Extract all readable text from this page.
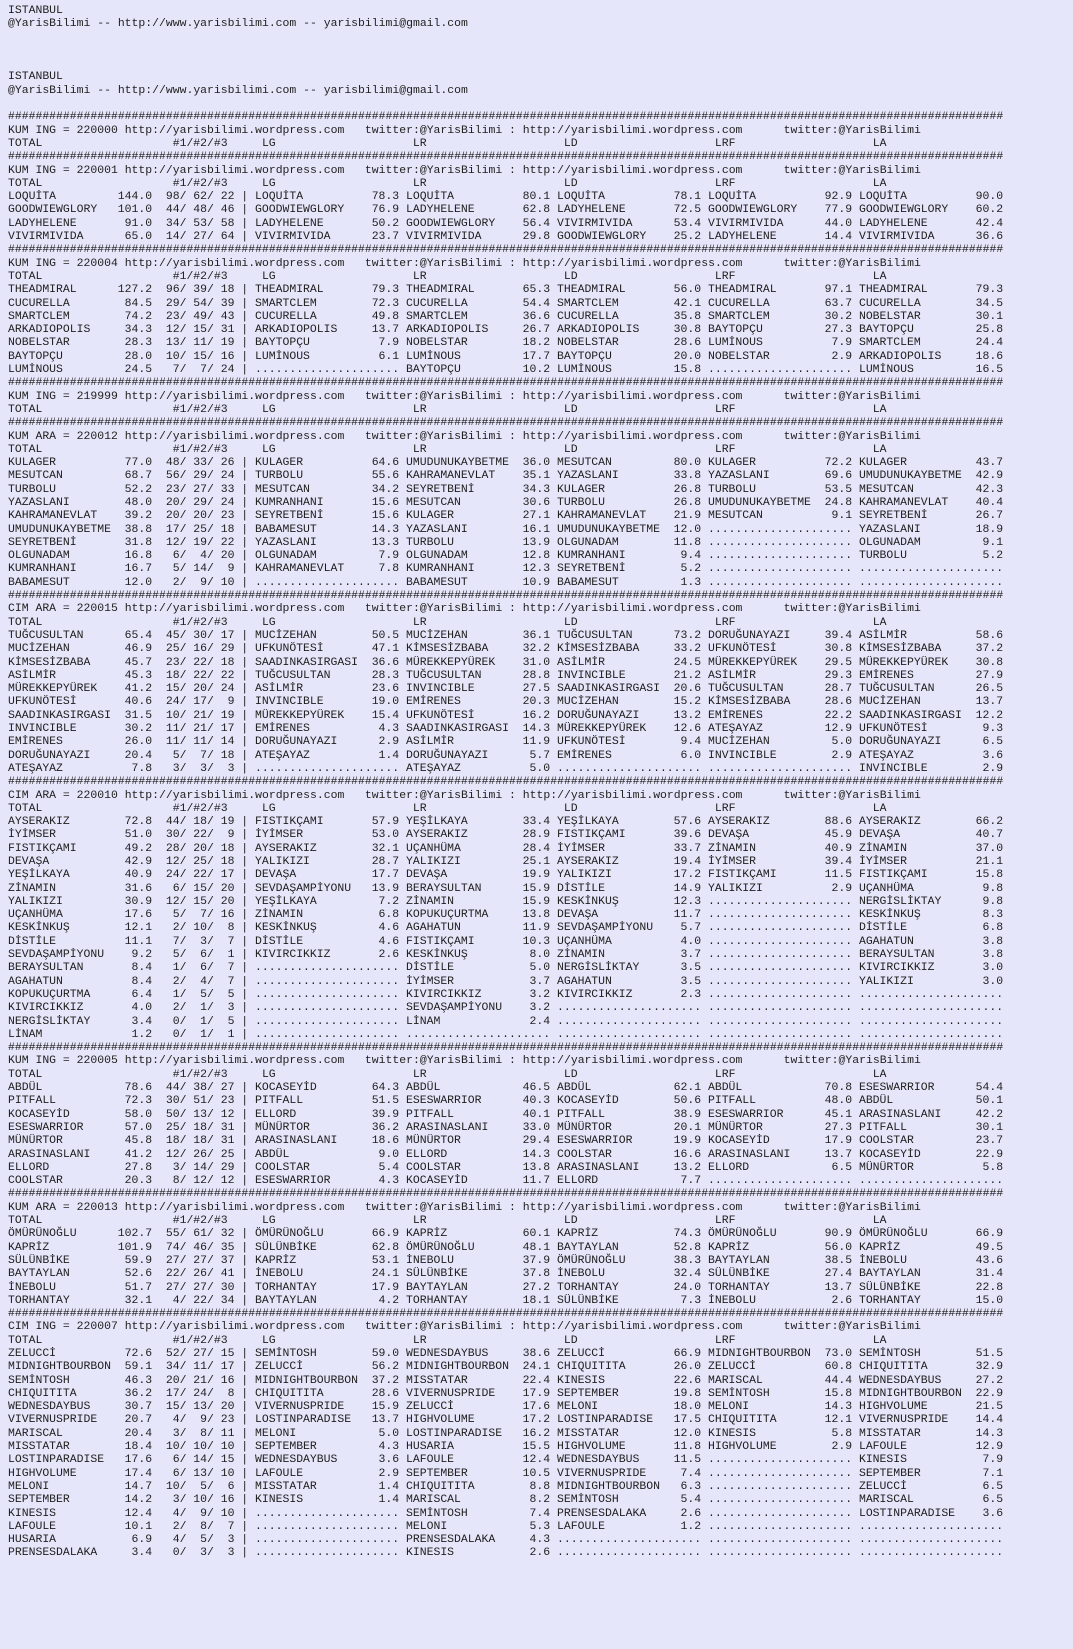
ISTANBUL
@YarisBilimi -- http://www.yarisbilimi.com -- yarisbilimi@gmail.com
ISTANBUL
@YarisBilimi -- http://www.yarisbilimi.com -- yarisbilimi@gmail.com
#################################################################################################################################################
KUM ING = 220000 http://yarisbilimi.wordpress.com   twitter:@YarisBilimi : http://yarisbilimi.wordpress.com      twitter:@YarisBilimi
TOTAL	#1/#2/#3	LG	LR	LD	LRF	LA
#################################################################################################################################################
KUM ING = 220001 http://yarisbilimi.wordpress.com   twitter:@YarisBilimi : http://yarisbilimi.wordpress.com      twitter:@YarisBilimi
TOTAL	#1/#2/#3	LG	LR	LD	LRF	LA
LOQUİTA	144.0 98/ 62/ 22 | LOQUİTA	78.3 LOQUİTA	80.1 LOQUİTA	78.1 LOQUİTA	92.9 LOQUİTA	90.0
GOODWIEWGLORY 101.0 44/ 48/ 46 | GOODWIEWGLORY 76.9 LADYHELENE	62.8 LADYHELENE	72.5 GOODWIEWGLORY 77.9 GOODWIEWGLORY 60.2
LADYHELENE	91.0 34/ 53/ 58 | LADYHELENE	50.2 GOODWIEWGLORY 56.4 VIVIRMIVIDA	53.4 VIVIRMIVIDA	44.0 LADYHELENE	42.4
VIVIRMIVIDA	65.0 14/ 27/ 64 | VIVIRMIVIDA	23.7 VIVIRMIVIDA	29.8 GOODWIEWGLORY 25.2 LADYHELENE	14.4 VIVIRMIVIDA	36.6
#################################################################################################################################################
KUM ING = 220004 http://yarisbilimi.wordpress.com   twitter:@YarisBilimi : http://yarisbilimi.wordpress.com      twitter:@YarisBilimi
TOTAL	#1/#2/#3	LG	LR	LD	LRF	LA
THEADMIRAL	127.2 96/ 39/ 18 | THEADMIRAL	79.3 THEADMIRAL	65.3 THEADMIRAL	56.0 THEADMIRAL	97.1 THEADMIRAL	79.3
CUCURELLA	84.5 29/ 54/ 39 | SMARTCLEM	72.3 CUCURELLA	54.4 SMARTCLEM	42.1 CUCURELLA	63.7 CUCURELLA	34.5
SMARTCLEM	74.2 23/ 49/ 43 | CUCURELLA	49.8 SMARTCLEM	36.6 CUCURELLA	35.8 SMARTCLEM	30.2 NOBELSTAR	30.1
ARKADIOPOLIS	34.3 12/ 15/ 31 | ARKADIOPOLIS	13.7 ARKADIOPOLIS	26.7 ARKADIOPOLIS	30.8 BAYTOPÇU	27.3 BAYTOPÇU	25.8
NOBELSTAR	28.3 13/ 11/ 19 | BAYTOPÇU	7.9 NOBELSTAR	18.2 NOBELSTAR	28.6 LUMİNOUS	7.9 SMARTCLEM	24.4
BAYTOPÇU	28.0 10/ 15/ 16 | LUMİNOUS	6.1 LUMİNOUS	17.7 BAYTOPÇU	20.0 NOBELSTAR	2.9 ARKADIOPOLIS	18.6
LUMİNOUS	24.5 7/ 7/ 24 | ..................... BAYTOPÇU	10.2 LUMİNOUS	15.8 ..................... LUMİNOUS	16.5
#################################################################################################################################################
KUM ING = 219999 http://yarisbilimi.wordpress.com   twitter:@YarisBilimi : http://yarisbilimi.wordpress.com      twitter:@YarisBilimi
TOTAL	#1/#2/#3	LG	LR	LD	LRF	LA
#################################################################################################################################################
KUM ARA = 220012 http://yarisbilimi.wordpress.com   twitter:@YarisBilimi : http://yarisbilimi.wordpress.com      twitter:@YarisBilimi
TOTAL	#1/#2/#3	LG	LR	LD	LRF	LA
KULAGER	77.0 48/ 33/ 26 | KULAGER	64.6 UMUDUNUKAYBETME 36.0 MESUTCAN	80.0 KULAGER	72.2 KULAGER	43.7
MESUTCAN	68.7 56/ 29/ 24 | TURBOLU	55.6 KAHRAMANEVLAT 35.1 YAZASLANI	33.8 YAZASLANI	69.6 UMUDUNUKAYBETME 42.9
TURBOLU	52.2 23/ 27/ 33 | MESUTCAN	34.2 SEYRETBENİ	34.3 KULAGER	26.8 TURBOLU	53.5 MESUTCAN	42.3
YAZASLANI	48.0 20/ 29/ 24 | KUMRANHANI	15.6 MESUTCAN	30.6 TURBOLU	26.8 UMUDUNUKAYBETME 24.8 KAHRAMANEVLAT 40.4
KAHRAMANEVLAT 39.2 20/ 20/ 23 | SEYRETBENİ	15.6 KULAGER	27.1 KAHRAMANEVLAT 21.9 MESUTCAN	9.1 SEYRETBENİ	26.7
UMUDUNUKAYBETME 38.8 17/ 25/ 18 | BABAMESUT	14.3 YAZASLANI	16.1 UMUDUNUKAYBETME 12.0 ..................... YAZASLANI	18.9
SEYRETBENİ	31.8 12/ 19/ 22 | YAZASLANI	13.3 TURBOLU	13.9 OLGUNADAM	11.8 ..................... OLGUNADAM	9.1
OLGUNADAM	16.8 6/ 4/ 20 | OLGUNADAM	7.9 OLGUNADAM	12.8 KUMRANHANI	9.4 ..................... TURBOLU	5.2
KUMRANHANI	16.7 5/ 14/ 9 | KAHRAMANEVLAT	7.8 KUMRANHANI	12.3 SEYRETBENİ	5.2 ..................... .....................
BABAMESUT	12.0 2/ 9/ 10 | ..................... BABAMESUT	10.9 BABAMESUT	1.3 ..................... .....................
#################################################################################################################################################
CIM ARA = 220015 http://yarisbilimi.wordpress.com   twitter:@YarisBilimi : http://yarisbilimi.wordpress.com      twitter:@YarisBilimi
TOTAL	#1/#2/#3	LG	LR	LD	LRF	LA
TUĞCUSULTAN	65.4 45/ 30/ 17 | MUCİZEHAN	50.5 MUCİZEHAN	36.1 TUĞCUSULTAN	73.2 DORUĞUNAYAZI	39.4 ASİLMİR	58.6
MUCİZEHAN	46.9 25/ 16/ 29 | UFKUNÖTESİ	47.1 KİMSESİZBABA	32.2 KİMSESİZBABA	33.2 UFKUNÖTESİ	30.8 KİMSESİZBABA	37.2
KİMSESİZBABA	45.7 23/ 22/ 18 | SAADINKASIRGASI 36.6 MÜREKKEPYÜREK 31.0 ASİLMİR	24.5 MÜREKKEPYÜREK 29.5 MÜREKKEPYÜREK 30.8
ASİLMİR	45.3 18/ 22/ 22 | TUĞCUSULTAN	28.3 TUĞCUSULTAN	28.8 INVINCIBLE	21.2 ASİLMİR	29.3 EMİRENES	27.9
MÜREKKEPYÜREK 41.2 15/ 20/ 24 | ASİLMİR	23.6 INVINCIBLE	27.5 SAADINKASIRGASI 20.6 TUĞCUSULTAN	28.7 TUĞCUSULTAN	26.5
UFKUNÖTESİ	40.6 24/ 17/ 9 | INVINCIBLE	19.0 EMİRENES	20.3 MUCİZEHAN	15.2 KİMSESİZBABA	28.6 MUCİZEHAN	13.7
SAADINKASIRGASI 31.5 10/ 21/ 19 | MÜREKKEPYÜREK 15.4 UFKUNÖTESİ	16.2 DORUĞUNAYAZI	13.2 EMİRENES	22.2 SAADINKASIRGASI 12.2
INVINCIBLE	30.2 11/ 21/ 17 | EMİRENES	4.3 SAADINKASIRGASI 14.3 MÜREKKEPYÜREK 12.6 ATEŞAYAZ	12.9 UFKUNÖTESİ	9.3
EMİRENES	26.0 11/ 11/ 14 | DORUĞUNAYAZI	2.9 ASİLMİR	11.9 UFKUNÖTESİ	9.4 MUCİZEHAN	5.0 DORUĞUNAYAZI	6.5
DORUĞUNAYAZI	20.4 5/ 7/ 18 | ATEŞAYAZ	1.4 DORUĞUNAYAZI	5.7 EMİRENES	6.0 INVINCIBLE	2.9 ATEŞAYAZ	3.6
ATEŞAYAZ	7.8 3/ 3/ 3 | ..................... ATEŞAYAZ	5.0 ..................... ..................... INVINCIBLE	2.9
#################################################################################################################################################
CIM ARA = 220010 http://yarisbilimi.wordpress.com   twitter:@YarisBilimi : http://yarisbilimi.wordpress.com      twitter:@YarisBilimi
TOTAL	#1/#2/#3	LG	LR	LD	LRF	LA
AYSERAKIZ	72.8 44/ 18/ 19 | FISTIKÇAMI	57.9 YEŞİLKAYA	33.4 YEŞİLKAYA	57.6 AYSERAKIZ	88.6 AYSERAKIZ	66.2
İYİMSER	51.0 30/ 22/ 9 | İYİMSER	53.0 AYSERAKIZ	28.9 FISTIKÇAMI	39.6 DEVAŞA	45.9 DEVAŞA	40.7
FISTIKÇAMI	49.2 28/ 20/ 18 | AYSERAKIZ	32.1 UÇANHÜMA	28.4 İYİMSER	33.7 ZİNAMIN	40.9 ZİNAMIN	37.0
DEVAŞA	42.9 12/ 25/ 18 | YALIKIZI	28.7 YALIKIZI	25.1 AYSERAKIZ	19.4 İYİMSER	39.4 İYİMSER	21.1
YEŞİLKAYA	40.9 24/ 22/ 17 | DEVAŞA	17.7 DEVAŞA	19.9 YALIKIZI	17.2 FISTIKÇAMI	11.5 FISTIKÇAMI	15.8
ZİNAMIN	31.6 6/ 15/ 20 | SEVDAŞAMPİYONU 13.9 BERAYSULTAN	15.9 DİSTİLE	14.9 YALIKIZI	2.9 UÇANHÜMA	9.8
YALIKIZI	30.9 12/ 15/ 20 | YEŞİLKAYA	7.2 ZİNAMIN	15.9 KESKİNKUŞ	12.3 ..................... NERGİSLİKTAY	9.8
UÇANHÜMA	17.6 5/ 7/ 16 | ZİNAMIN	6.8 KOPUKUÇURTMA	13.8 DEVAŞA	11.7 ..................... KESKİNKUŞ	8.3
KESKİNKUŞ	12.1 2/ 10/ 8 | KESKİNKUŞ	4.6 AGAHATUN	11.9 SEVDAŞAMPİYONU 5.7 ..................... DİSTİLE	6.8
DİSTİLE	11.1 7/ 3/ 7 | DİSTİLE	4.6 FISTIKÇAMI	10.3 UÇANHÜMA	4.0 ..................... AGAHATUN	3.8
SEVDAŞAMPİYONU 9.2 5/ 6/ 1 | KIVIRCIKKIZ	2.6 KESKİNKUŞ	8.0 ZİNAMIN	3.7 ..................... BERAYSULTAN	3.8
BERAYSULTAN	8.4 1/ 6/ 7 | ..................... DİSTİLE	5.0 NERGİSLİKTAY	3.5 ..................... KIVIRCIKKIZ	3.0
AGAHATUN	8.4 2/ 4/ 7 | ..................... İYİMSER	3.7 AGAHATUN	3.5 ..................... YALIKIZI	3.0
KOPUKUÇURTMA	6.4 1/ 5/ 5 | ..................... KIVIRCIKKIZ	3.2 KIVIRCIKKIZ	2.3 ..................... .....................
KIVIRCIKKIZ	4.0 2/ 1/ 3 | ..................... SEVDAŞAMPİYONU 3.2 ..................... ..................... .....................
NERGİSLİKTAY	3.4 0/ 1/ 5 | ..................... LİNAM	2.4 ..................... ..................... .....................
LİNAM	1.2 0/ 1/ 1 | ..................... ..................... ..................... ..................... .....................
#################################################################################################################################################
KUM ING = 220005 http://yarisbilimi.wordpress.com   twitter:@YarisBilimi : http://yarisbilimi.wordpress.com      twitter:@YarisBilimi
TOTAL	#1/#2/#3	LG	LR	LD	LRF	LA
ABDÜL	78.6 44/ 38/ 27 | KOCASEYİD	64.3 ABDÜL	46.5 ABDÜL	62.1 ABDÜL	70.8 ESESWARRIOR	54.4
PITFALL	72.3 30/ 51/ 23 | PITFALL	51.5 ESESWARRIOR	40.3 KOCASEYİD	50.6 PITFALL	48.0 ABDÜL	50.1
KOCASEYİD	58.0 50/ 13/ 12 | ELLORD	39.9 PITFALL	40.1 PITFALL	38.9 ESESWARRIOR	45.1 ARASINASLANI	42.2
ESESWARRIOR	57.0 25/ 18/ 31 | MÜNÜRTOR	36.2 ARASINASLANI	33.0 MÜNÜRTOR	20.1 MÜNÜRTOR	27.3 PITFALL	30.1
MÜNÜRTOR	45.8 18/ 18/ 31 | ARASINASLANI	18.6 MÜNÜRTOR	29.4 ESESWARRIOR	19.9 KOCASEYİD	17.9 COOLSTAR	23.7
ARASINASLANI	41.2 12/ 26/ 25 | ABDÜL	9.0 ELLORD	14.3 COOLSTAR	16.6 ARASINASLANI	13.7 KOCASEYİD	22.9
ELLORD	27.8 3/ 14/ 29 | COOLSTAR	5.4 COOLSTAR	13.8 ARASINASLANI	13.2 ELLORD	6.5 MÜNÜRTOR	5.8
COOLSTAR	20.3 8/ 12/ 12 | ESESWARRIOR	4.3 KOCASEYİD	11.7 ELLORD	7.7 ..................... .....................
#################################################################################################################################################
KUM ARA = 220013 http://yarisbilimi.wordpress.com   twitter:@YarisBilimi : http://yarisbilimi.wordpress.com      twitter:@YarisBilimi
TOTAL	#1/#2/#3	LG	LR	LD	LRF	LA
ÖMÜRÜNOĞLU	102.7 55/ 61/ 32 | ÖMÜRÜNOĞLU	66.9 KAPRİZ	60.1 KAPRİZ	74.3 ÖMÜRÜNOĞLU	90.9 ÖMÜRÜNOĞLU	66.9
KAPRİZ	101.9 74/ 46/ 35 | SÜLÜNBİKE	62.8 ÖMÜRÜNOĞLU	48.1 BAYTAYLAN	52.8 KAPRİZ	56.0 KAPRİZ	49.5
SÜLÜNBİKE	59.9 27/ 27/ 37 | KAPRİZ	53.1 İNEBOLU	37.9 ÖMÜRÜNOĞLU	38.3 BAYTAYLAN	38.5 İNEBOLU	43.6
BAYTAYLAN	52.6 22/ 26/ 41 | İNEBOLU	24.1 SÜLÜNBİKE	37.8 İNEBOLU	32.4 SÜLÜNBİKE	27.4 BAYTAYLAN	31.4
İNEBOLU	51.7 27/ 27/ 30 | TORHANTAY	17.9 BAYTAYLAN	27.2 TORHANTAY	24.0 TORHANTAY	13.7 SÜLÜNBİKE	22.8
TORHANTAY	32.1 4/ 22/ 34 | BAYTAYLAN	4.2 TORHANTAY	18.1 SÜLÜNBİKE	7.3 İNEBOLU	2.6 TORHANTAY	15.0
#################################################################################################################################################
CIM ING = 220007 http://yarisbilimi.wordpress.com   twitter:@YarisBilimi : http://yarisbilimi.wordpress.com      twitter:@YarisBilimi
TOTAL	#1/#2/#3	LG	LR	LD	LRF	LA
ZELUCCİ	72.6 52/ 27/ 15 | SEMİNTOSH	59.0 WEDNESDAYBUS	38.6 ZELUCCİ	66.9 MIDNIGHTBOURBON 73.0 SEMİNTOSH	51.5
MIDNIGHTBOURBON 59.1 34/ 11/ 17 | ZELUCCİ	56.2 MIDNIGHTBOURBON 24.1 CHIQUITITA	26.0 ZELUCCİ	60.8 CHIQUITITA	32.9
SEMİNTOSH	46.3 20/ 21/ 16 | MIDNIGHTBOURBON 37.2 MISSTATAR	22.4 KINESIS	22.6 MARISCAL	44.4 WEDNESDAYBUS	27.2
CHIQUITITA	36.2 17/ 24/ 8 | CHIQUITITA	28.6 VIVERNUSPRIDE 17.9 SEPTEMBER	19.8 SEMİNTOSH	15.8 MIDNIGHTBOURBON 22.9
WEDNESDAYBUS	30.7 15/ 13/ 20 | VIVERNUSPRIDE 15.9 ZELUCCİ	17.6 MELONI	18.0 MELONI	14.3 HIGHVOLUME	21.5
VIVERNUSPRIDE 20.7 4/ 9/ 23 | LOSTINPARADISE 13.7 HIGHVOLUME	17.2 LOSTINPARADISE 17.5 CHIQUITITA	12.1 VIVERNUSPRIDE 14.4
MARISCAL	20.4 3/ 8/ 11 | MELONI	5.0 LOSTINPARADISE 16.2 MISSTATAR	12.0 KINESIS	5.8 MISSTATAR	14.3
MISSTATAR	18.4 10/ 10/ 10 | SEPTEMBER	4.3 HUSARIA	15.5 HIGHVOLUME	11.8 HIGHVOLUME	2.9 LAFOULE	12.9
LOSTINPARADISE 17.6 6/ 14/ 15 | WEDNESDAYBUS	3.6 LAFOULE	12.4 WEDNESDAYBUS	11.5 ..................... KINESIS	7.9
HIGHVOLUME	17.4 6/ 13/ 10 | LAFOULE	2.9 SEPTEMBER	10.5 VIVERNUSPRIDE	7.4 ..................... SEPTEMBER	7.1
MELONI	14.7 10/ 5/ 6 | MISSTATAR	1.4 CHIQUITITA	8.8 MIDNIGHTBOURBON 6.3 ..................... ZELUCCİ	6.5
SEPTEMBER	14.2 3/ 10/ 16 | KINESIS	1.4 MARISCAL	8.2 SEMİNTOSH	5.4 ..................... MARISCAL	6.5
KINESIS	12.4 4/ 9/ 10 | ..................... SEMİNTOSH	7.4 PRENSESDALAKA	2.6 ..................... LOSTINPARADISE 3.6
LAFOULE	10.1 2/ 8/ 7 | ..................... MELONI	5.3 LAFOULE	1.2 ..................... .....................
HUSARIA	6.9 4/ 5/ 3 | ..................... PRENSESDALAKA	4.3 ..................... ..................... .....................
PRENSESDALAKA	3.4 0/ 3/ 3 | ..................... KINESIS	2.6 ..................... ..................... .....................
